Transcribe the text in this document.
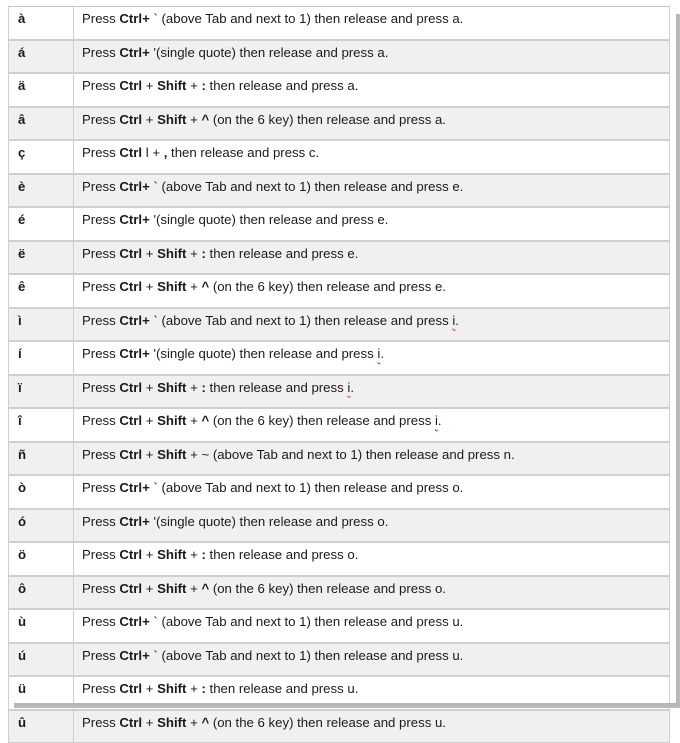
à	Press Ctrl+ ` (above Tab and next to 1) then release and press a.
á	Press Ctrl+ '(single quote) then release and press a.
ä	Press Ctrl + Shift + : then release and press a.
â	Press Ctrl + Shift + ^ (on the 6 key) then release and press a.
ç	Press Ctrl l + , then release and press c.
è	Press Ctrl+ ` (above Tab and next to 1) then release and press e.
é	Press Ctrl+ '(single quote) then release and press e.
ë	Press Ctrl + Shift + : then release and press e.
ê	Press Ctrl + Shift + ^ (on the 6 key) then release and press e.
ì	Press Ctrl+ ` (above Tab and next to 1) then release and press i.
í	Press Ctrl+ '(single quote) then release and press i.
ï	Press Ctrl + Shift + : then release and press i.
î	Press Ctrl + Shift + ^ (on the 6 key) then release and press i.
ñ	Press Ctrl + Shift + ~ (above Tab and next to 1) then release and press n.
ò	Press Ctrl+ ` (above Tab and next to 1) then release and press o.
ó	Press Ctrl+ '(single quote) then release and press o.
ö	Press Ctrl + Shift + : then release and press o.
ô	Press Ctrl + Shift + ^ (on the 6 key) then release and press o.
ù	Press Ctrl+ ` (above Tab and next to 1) then release and press u.
ú	Press Ctrl+ ` (above Tab and next to 1) then release and press u.
ü	Press Ctrl + Shift + : then release and press u.
û	Press Ctrl + Shift + ^ (on the 6 key) then release and press u.
